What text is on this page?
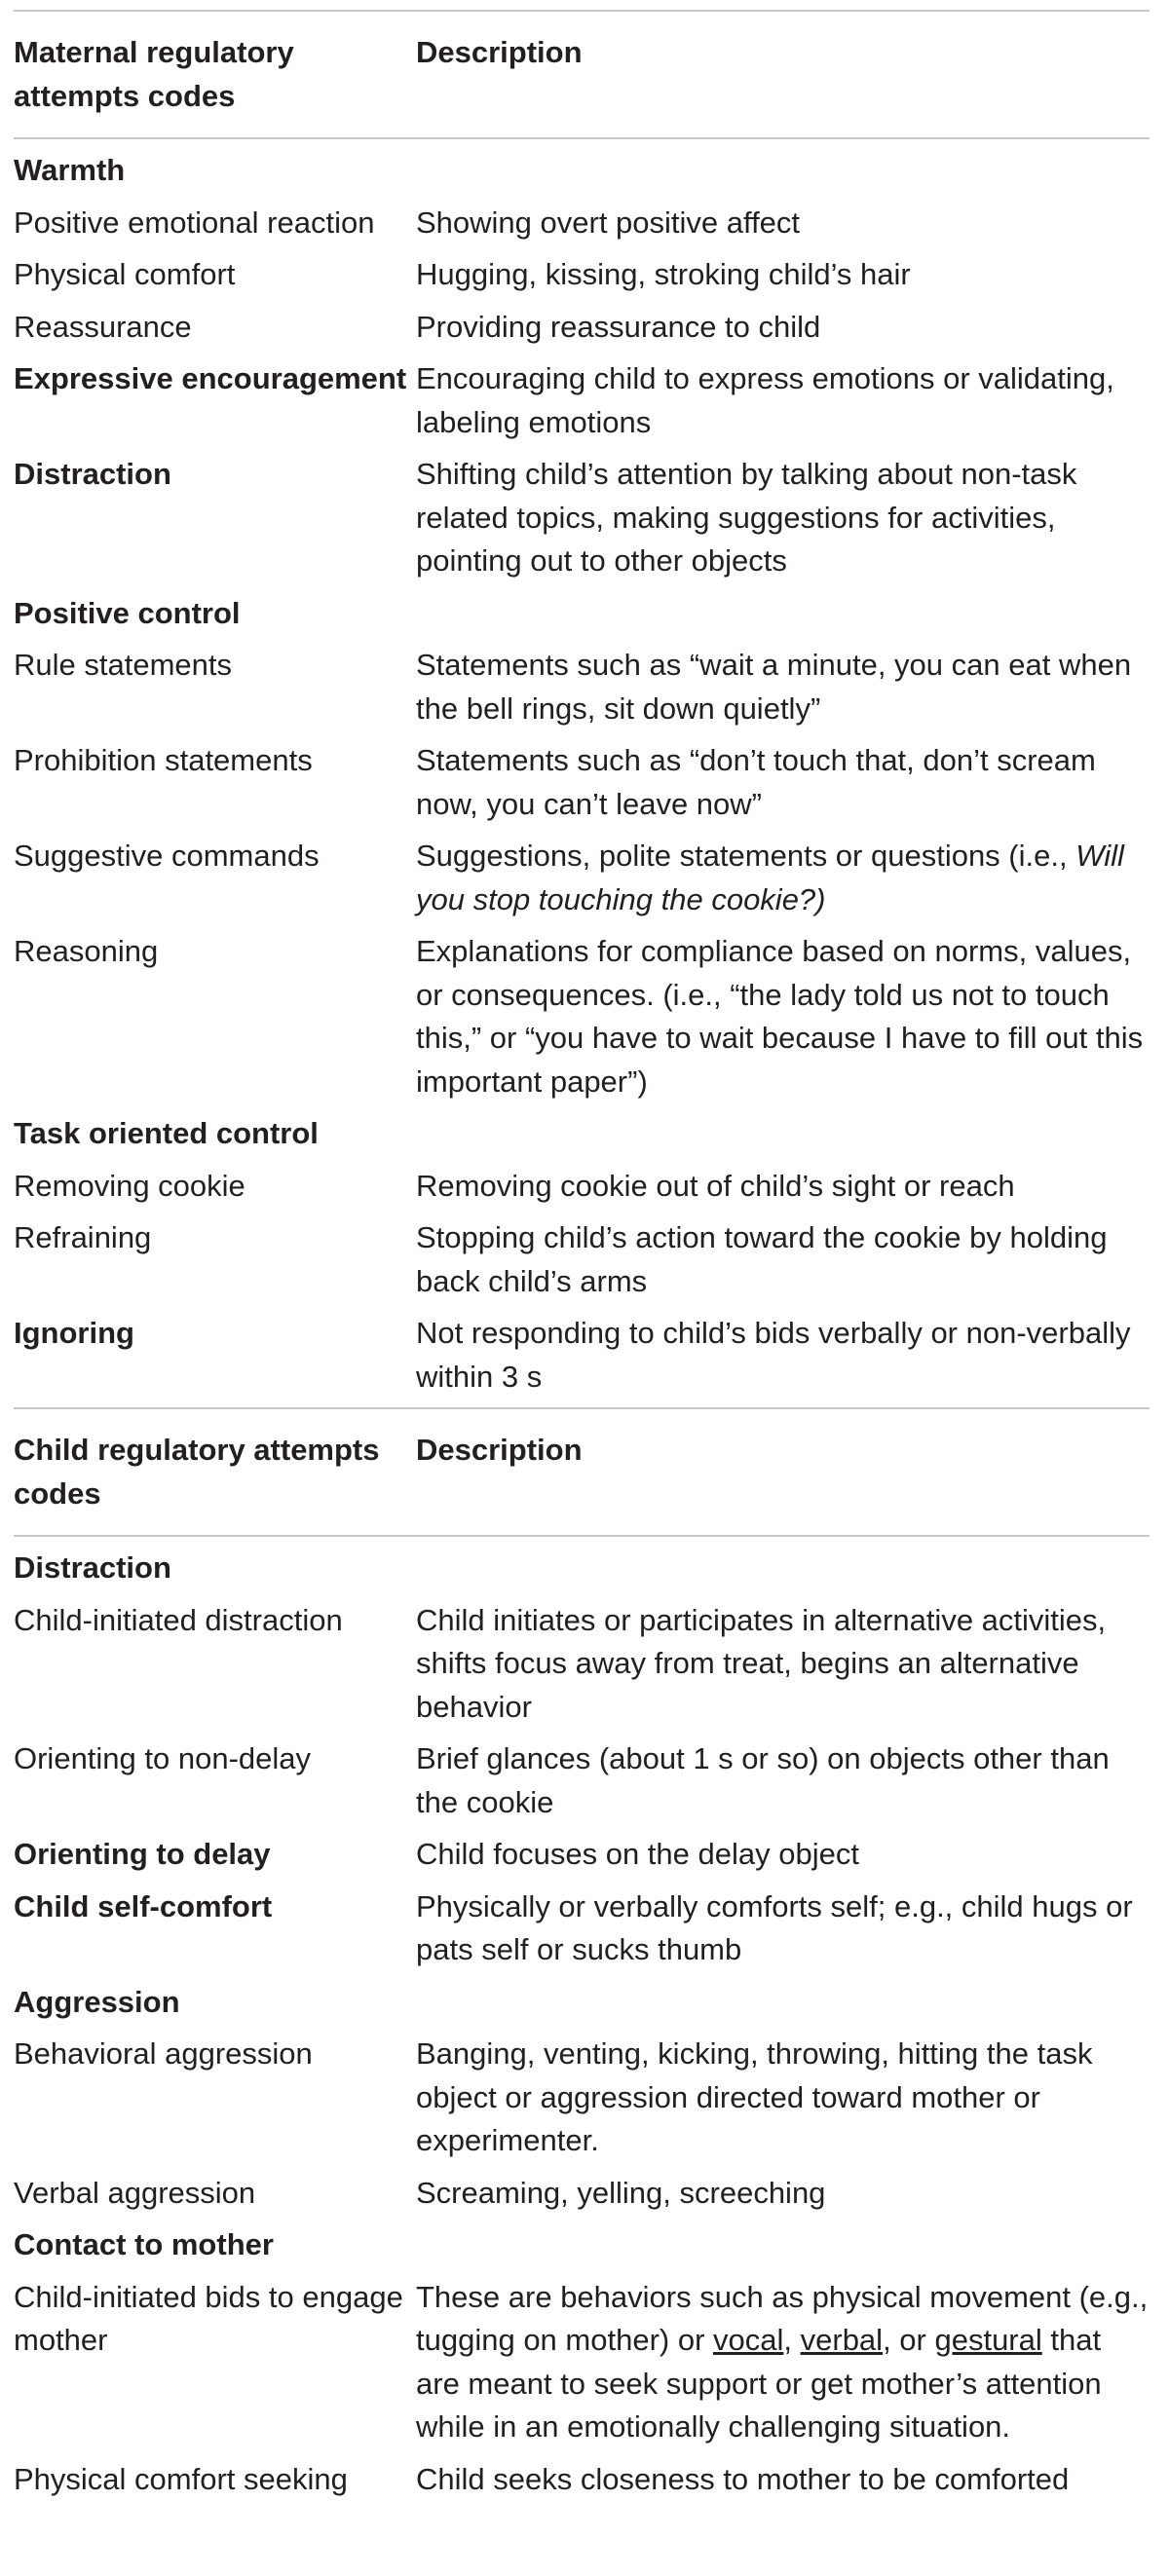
Maternal regulatory attempts codes	Description
Warmth	
Positive emotional reaction	Showing overt positive affect
Physical comfort	Hugging, kissing, stroking child’s hair
Reassurance	Providing reassurance to child
Expressive encouragement	Encouraging child to express emotions or validating, labeling emotions
Distraction	Shifting child’s attention by talking about non-task related topics, making suggestions for activities, pointing out to other objects
Positive control	
Rule statements	Statements such as “wait a minute, you can eat when the bell rings, sit down quietly”
Prohibition statements	Statements such as “don’t touch that, don’t scream now, you can’t leave now”
Suggestive commands	Suggestions, polite statements or questions (i.e., Will you stop touching the cookie?)
Reasoning	Explanations for compliance based on norms, values, or consequences. (i.e., “the lady told us not to touch this,” or “you have to wait because I have to fill out this important paper”)
Task oriented control	
Removing cookie	Removing cookie out of child’s sight or reach
Refraining	Stopping child’s action toward the cookie by holding back child’s arms
Ignoring	Not responding to child’s bids verbally or non-verbally within 3 s
Child regulatory attempts codes	Description
Distraction	
Child-initiated distraction	Child initiates or participates in alternative activities, shifts focus away from treat, begins an alternative behavior
Orienting to non-delay	Brief glances (about 1 s or so) on objects other than the cookie
Orienting to delay	Child focuses on the delay object
Child self-comfort	Physically or verbally comforts self; e.g., child hugs or pats self or sucks thumb
Aggression	
Behavioral aggression	Banging, venting, kicking, throwing, hitting the task object or aggression directed toward mother or experimenter.
Verbal aggression	Screaming, yelling, screeching
Contact to mother	
Child-initiated bids to engage mother	These are behaviors such as physical movement (e.g., tugging on mother) or vocal, verbal, or gestural that are meant to seek support or get mother’s attention while in an emotionally challenging situation.
Physical comfort seeking	Child seeks closeness to mother to be comforted
